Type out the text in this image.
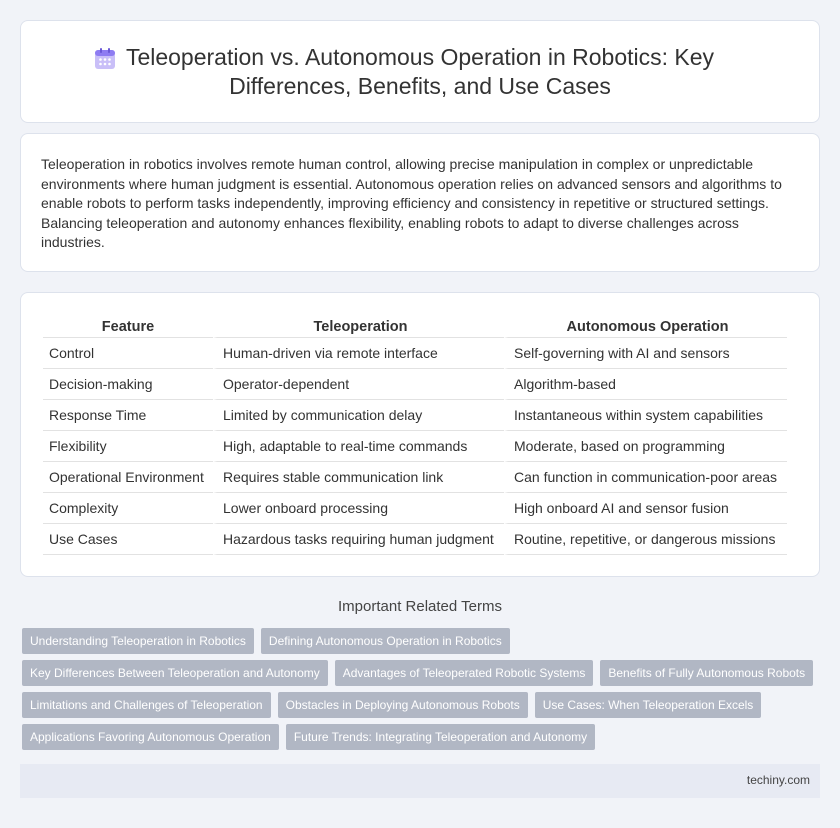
Teleoperation vs. Autonomous Operation in Robotics: Key Differences, Benefits, and Use Cases

Teleoperation in robotics involves remote human control, allowing precise manipulation in complex or unpredictable environments where human judgment is essential. Autonomous operation relies on advanced sensors and algorithms to enable robots to perform tasks independently, improving efficiency and consistency in repetitive or structured settings. Balancing teleoperation and autonomy enhances flexibility, enabling robots to adapt to diverse challenges across industries.

Feature	Teleoperation	Autonomous Operation
Control	Human-driven via remote interface	Self-governing with AI and sensors
Decision-making	Operator-dependent	Algorithm-based
Response Time	Limited by communication delay	Instantaneous within system capabilities
Flexibility	High, adaptable to real-time commands	Moderate, based on programming
Operational Environment	Requires stable communication link	Can function in communication-poor areas
Complexity	Lower onboard processing	High onboard AI and sensor fusion
Use Cases	Hazardous tasks requiring human judgment	Routine, repetitive, or dangerous missions
Important Related Terms
Understanding Teleoperation in Robotics	Defining Autonomous Operation in Robotics
Key Differences Between Teleoperation and Autonomy	Advantages of Teleoperated Robotic Systems	Benefits of Fully Autonomous Robots
Limitations and Challenges of Teleoperation	Obstacles in Deploying Autonomous Robots	Use Cases: When Teleoperation Excels
Applications Favoring Autonomous Operation	Future Trends: Integrating Teleoperation and Autonomy
techiny.com
